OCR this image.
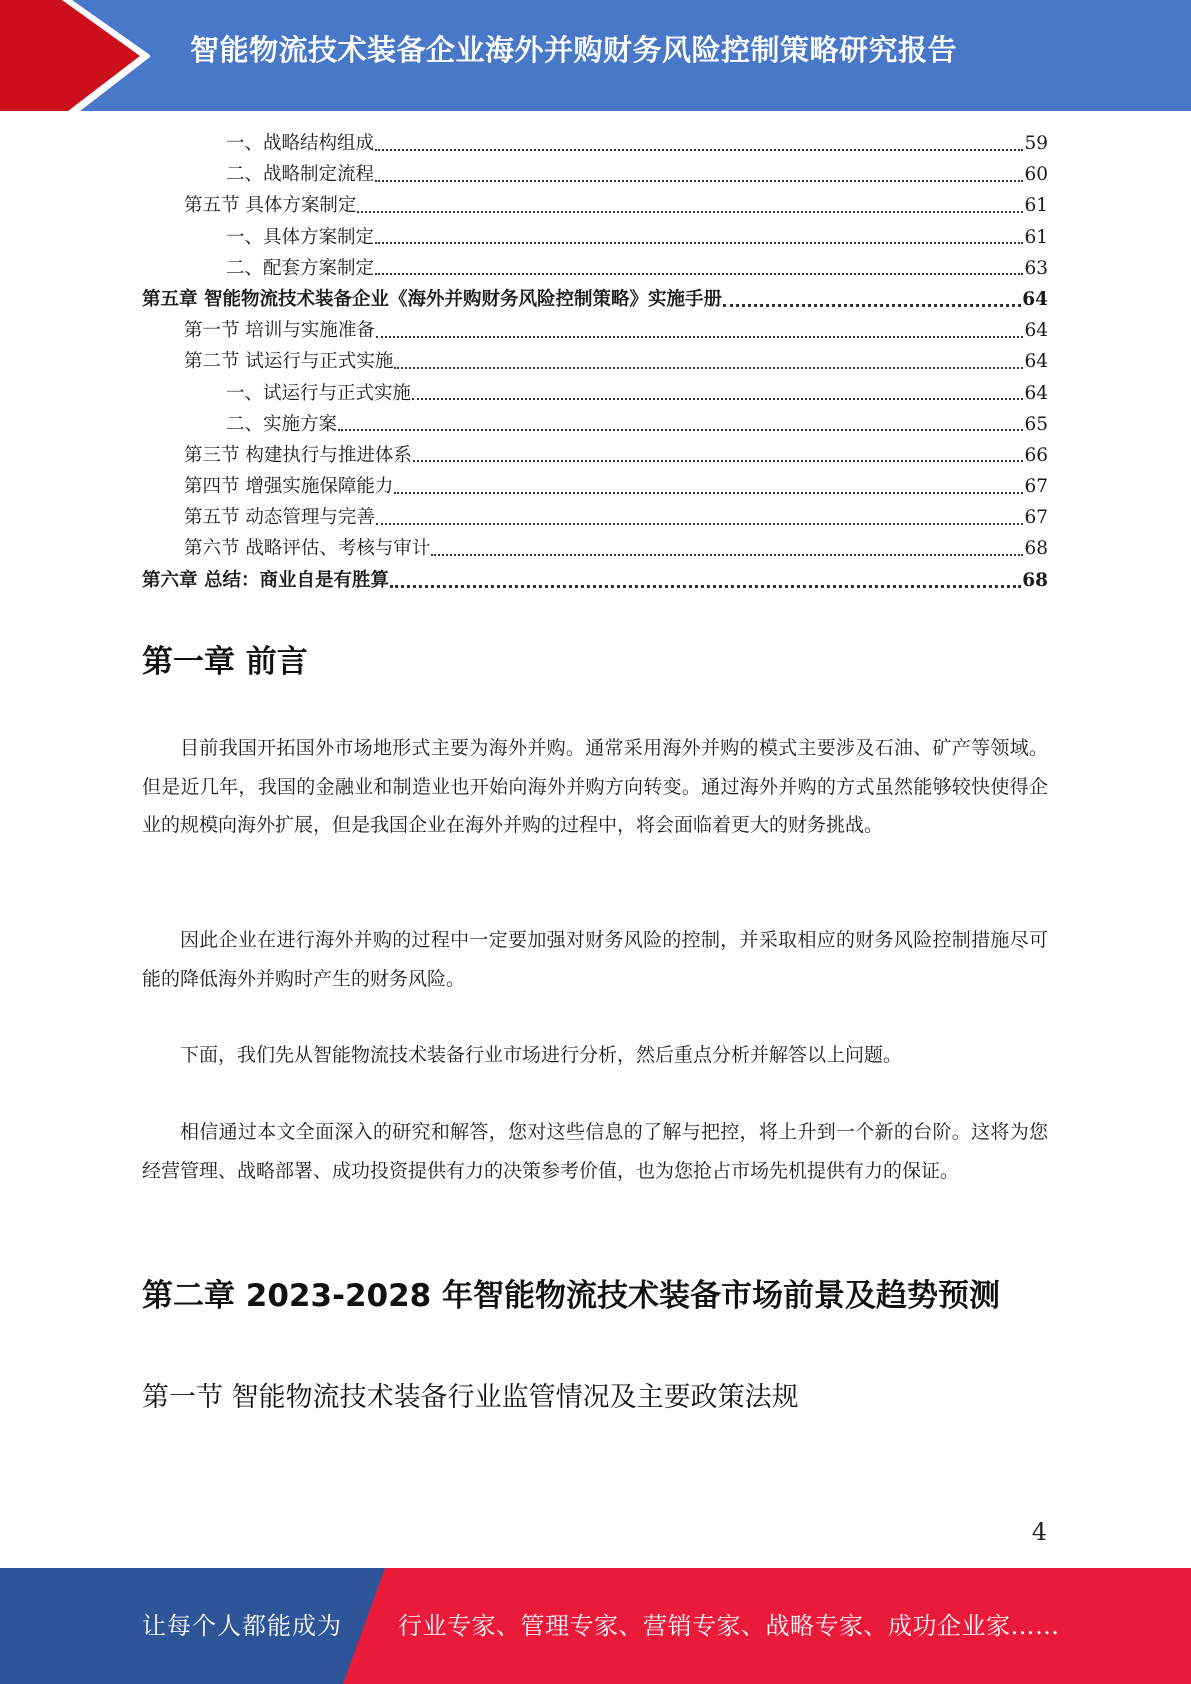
智能物流技术装备企业海外并购财务风险控制策略研究报告
一、战略结构组成	59
二、战略制定流程	60
第五节 具体方案制定	61
一、具体方案制定	61
二、配套方案制定	63
第五章 智能物流技术装备企业《海外并购财务风险控制策略》实施手册	64
第一节 培训与实施准备	64
第二节 试运行与正式实施	64
一、试运行与正式实施	64
二、实施方案	65
第三节 构建执行与推进体系	66
第四节 增强实施保障能力	67
第五节 动态管理与完善	67
第六节 战略评估、考核与审计	68
第六章 总结：商业自是有胜算	68
第一章 前言

目前我国开拓国外市场地形式主要为海外并购。通常采用海外并购的模式主要涉及石油、矿产等领域。但是近几年，我国的金融业和制造业也开始向海外并购方向转变。通过海外并购的方式虽然能够较快使得企业的规模向海外扩展，但是我国企业在海外并购的过程中，将会面临着更大的财务挑战。

因此企业在进行海外并购的过程中一定要加强对财务风险的控制，并采取相应的财务风险控制措施尽可能的降低海外并购时产生的财务风险。

下面，我们先从智能物流技术装备行业市场进行分析，然后重点分析并解答以上问题。

相信通过本文全面深入的研究和解答，您对这些信息的了解与把控，将上升到一个新的台阶。这将为您经营管理、战略部署、成功投资提供有力的决策参考价值，也为您抢占市场先机提供有力的保证。

第二章 2023-2028 年智能物流技术装备市场前景及趋势预测
第一节 智能物流技术装备行业监管情况及主要政策法规
4
让每个人都能成为 行业专家、管理专家、营销专家、战略专家、成功企业家……
